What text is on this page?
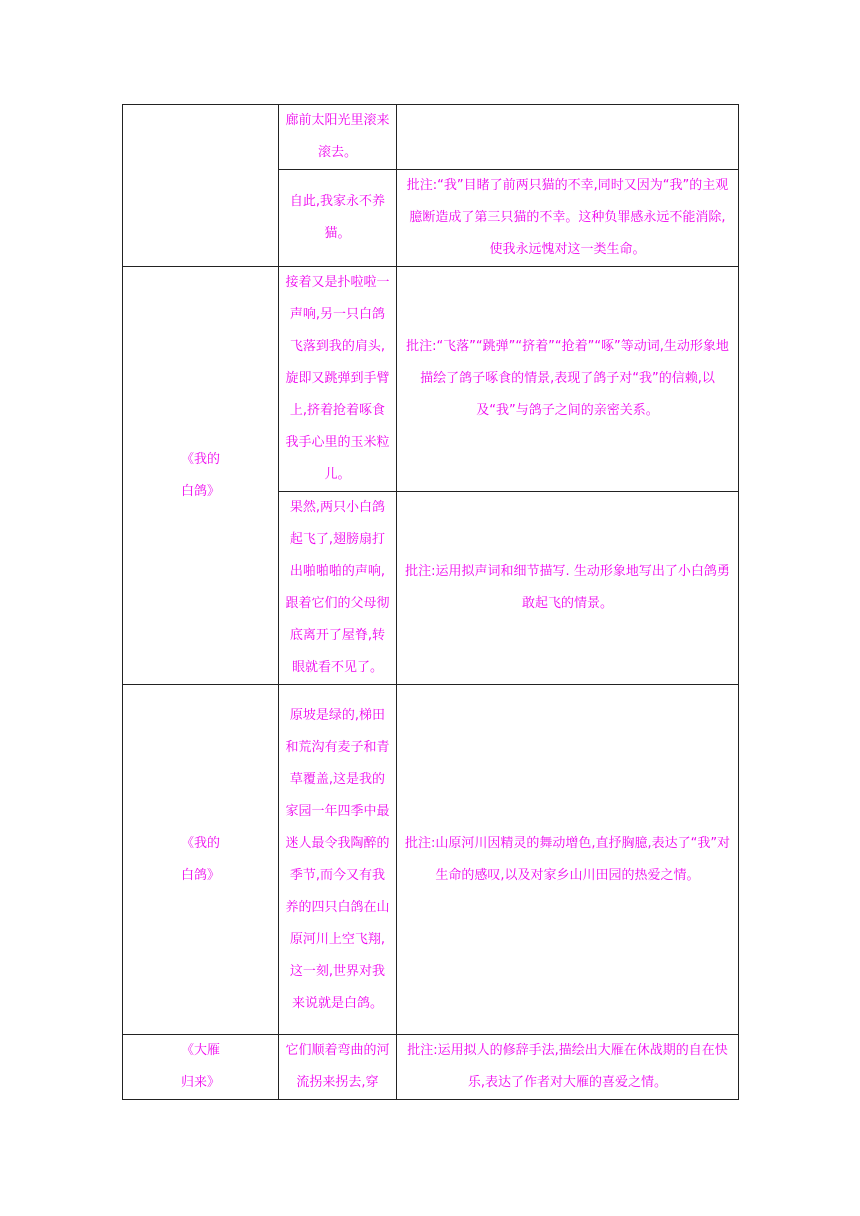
	廊前太阳光里滚来滚去。	
	自此,我家永不养猫。	批注:“我”目睹了前两只猫的不幸,同时又因为“我”的主观臆断造成了第三只猫的不幸。这种负罪感永远不能消除,使我永远愧对这一类生命。

《我的
白鸽》	接着又是扑啦啦一声响,另一只白鸽飞落到我的肩头,旋即又跳弹到手臂上,挤着抢着啄食我手心里的玉米粒儿。	批注:“飞落”“跳弹”“挤着”“抢着”“啄”等动词,生动形象地描绘了鸽子啄食的情景,表现了鸽子对“我”的信赖,以及“我”与鸽子之间的亲密关系。
	果然,两只小白鸽起飞了,翅膀扇打出啪啪啪的声响,跟着它们的父母彻底离开了屋脊,转眼就看不见了。	批注:运用拟声词和细节描写. 生动形象地写出了小白鸽勇敢起飞的情景。

《我的
白鸽》	原坡是绿的,梯田和荒沟有麦子和青草覆盖,这是我的家园一年四季中最迷人最令我陶醉的季节,而今又有我养的四只白鸽在山原河川上空飞翔,这一刻,世界对我来说就是白鸽。	批注:山原河川因精灵的舞动增色,直抒胸臆,表达了“我”对生命的感叹,以及对家乡山川田园的热爱之情。

《大雁
归来》	它们顺着弯曲的河流拐来拐去,穿	批注:运用拟人的修辞手法,描绘出大雁在休战期的自在快乐,表达了作者对大雁的喜爱之情。
